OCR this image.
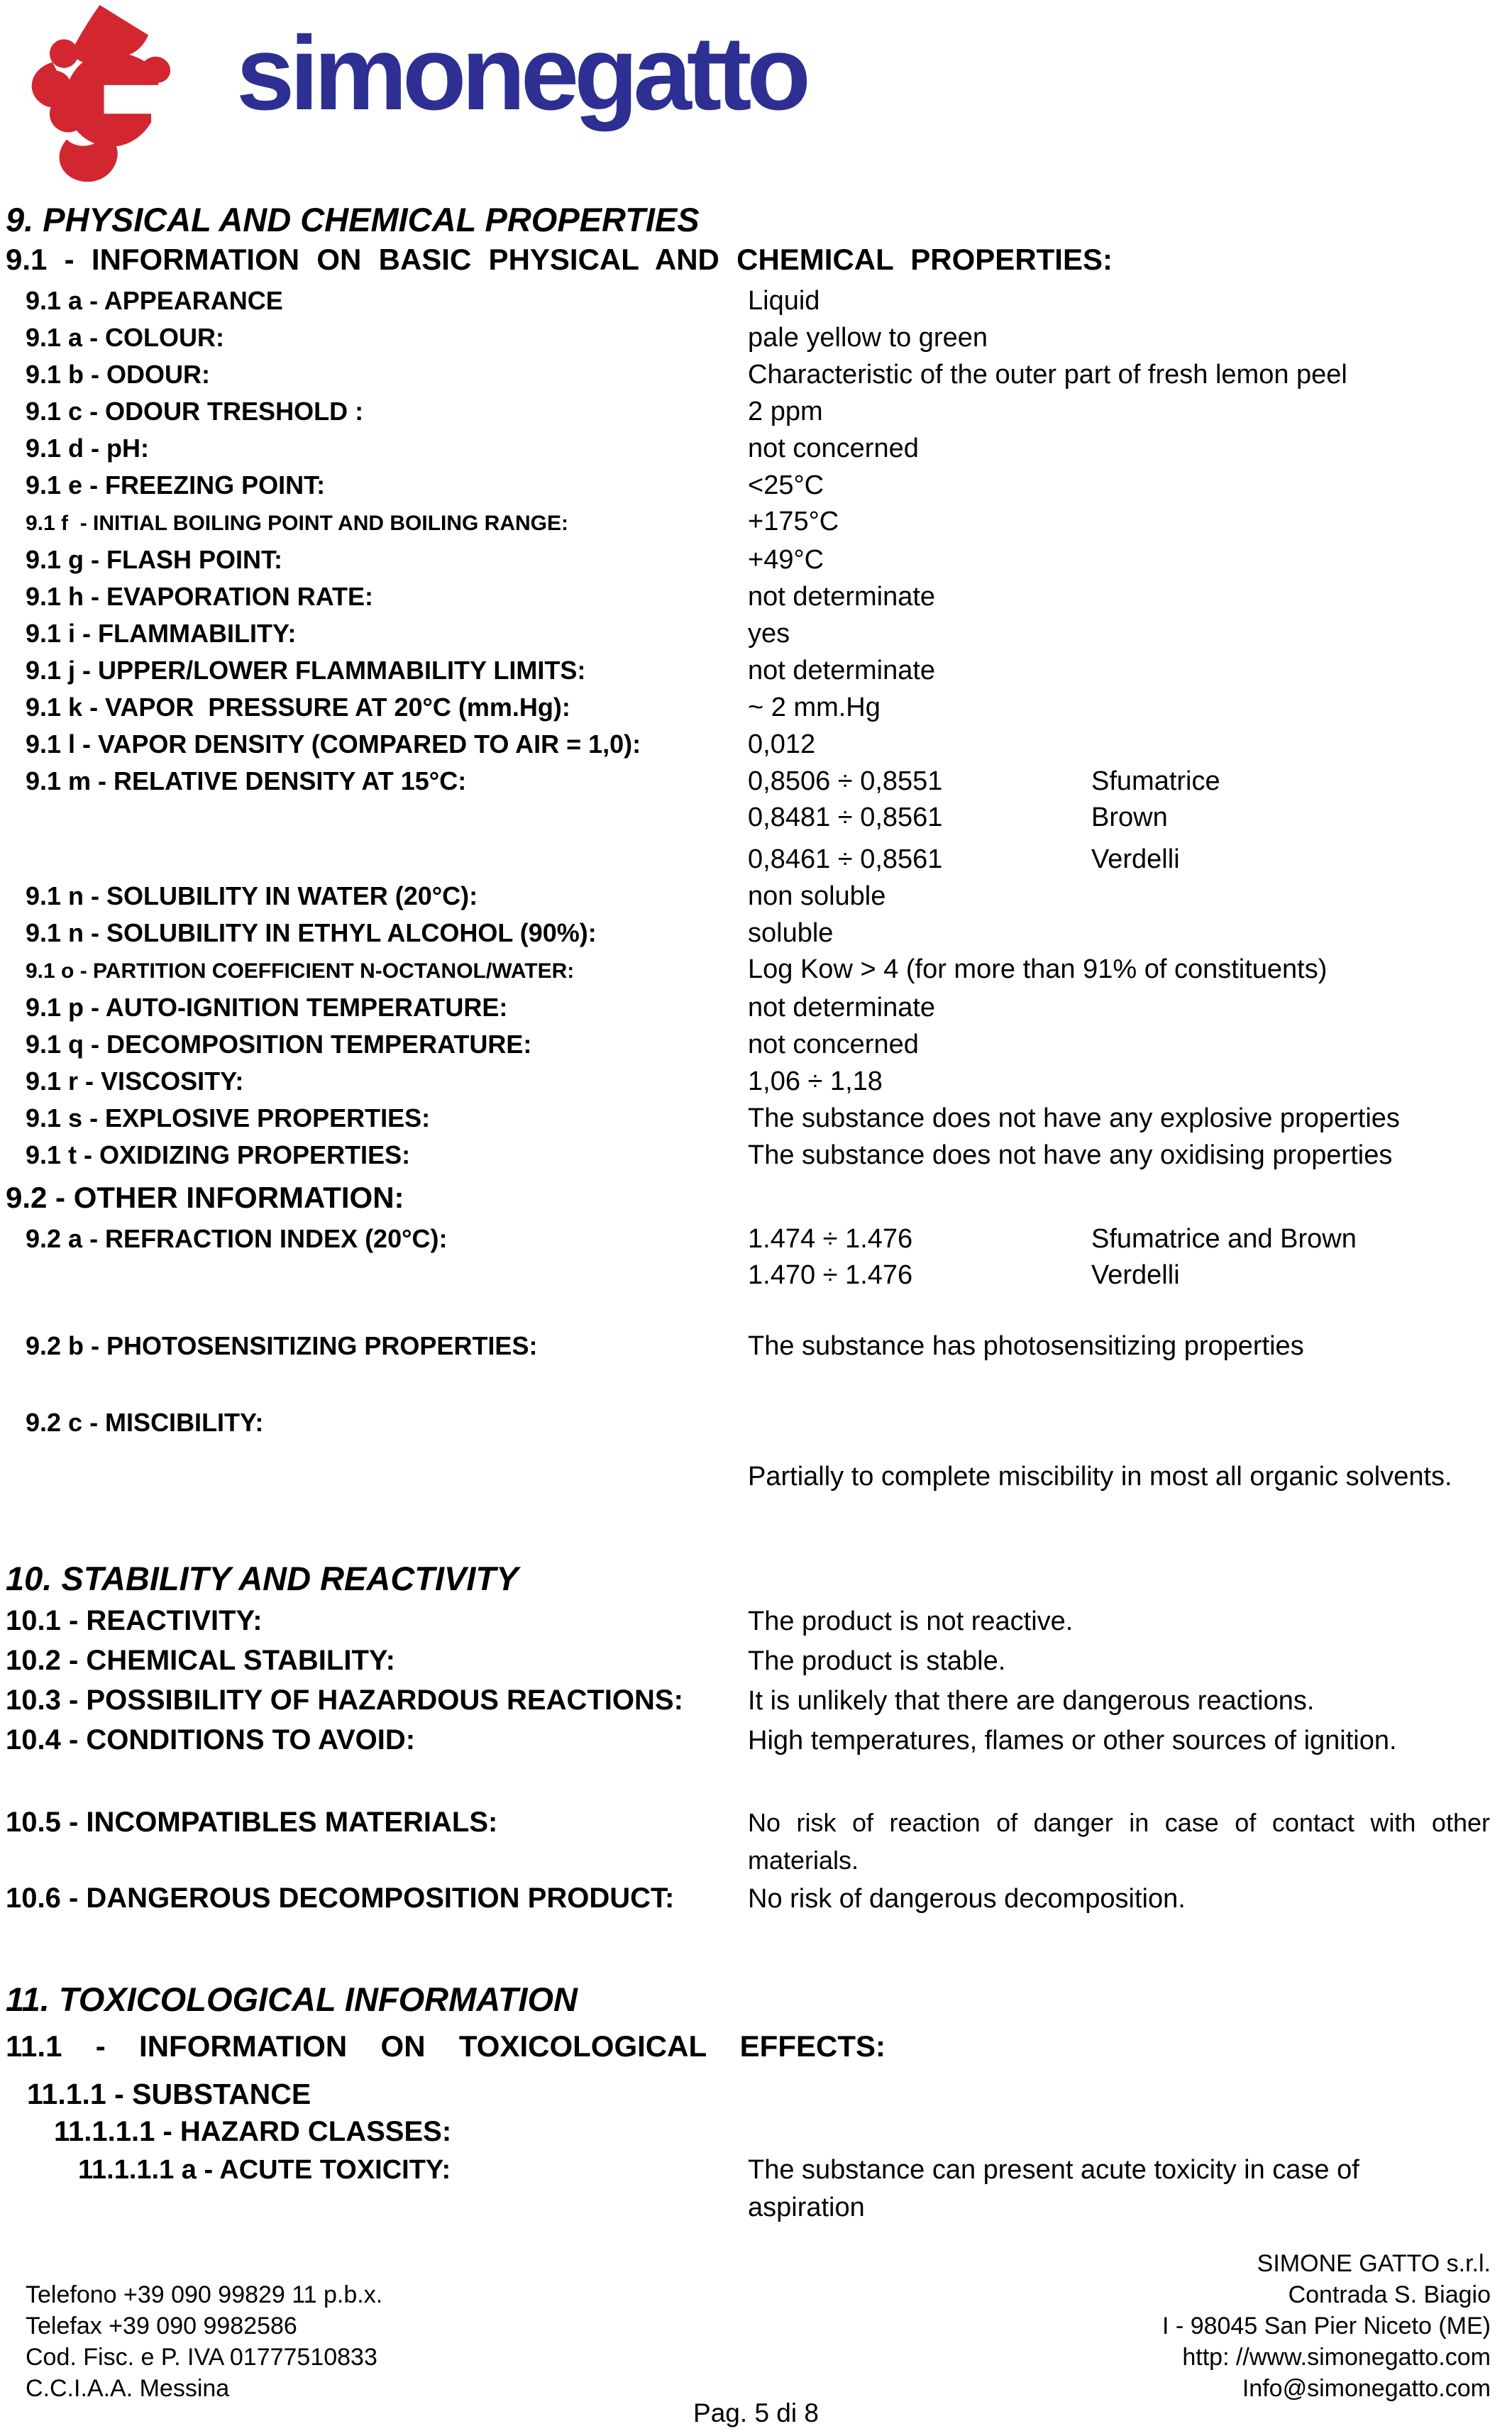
simonegatto
9. PHYSICAL AND CHEMICAL PROPERTIES
9.1 - INFORMATION ON BASIC PHYSICAL AND CHEMICAL PROPERTIES:
9.1 a - APPEARANCE	Liquid
9.1 a - COLOUR:	pale yellow to green
9.1 b - ODOUR:	Characteristic of the outer part of fresh lemon peel
9.1 c - ODOUR TRESHOLD :	2 ppm
9.1 d - pH:	not concerned
9.1 e - FREEZING POINT:	<25°C
9.1 f  - INITIAL BOILING POINT AND BOILING RANGE:	+175°C
9.1 g - FLASH POINT:	+49°C
9.1 h - EVAPORATION RATE:	not determinate
9.1 i - FLAMMABILITY:	yes
9.1 j - UPPER/LOWER FLAMMABILITY LIMITS:	not determinate
9.1 k - VAPOR  PRESSURE AT 20°C (mm.Hg):	~ 2 mm.Hg
9.1 l - VAPOR DENSITY (COMPARED TO AIR = 1,0):	0,012
9.1 m - RELATIVE DENSITY AT 15°C:	0,8506 ÷ 0,8551	Sfumatrice
0,8481 ÷ 0,8561	Brown
0,8461 ÷ 0,8561	Verdelli
9.1 n - SOLUBILITY IN WATER (20°C):	non soluble
9.1 n - SOLUBILITY IN ETHYL ALCOHOL (90%):	soluble
9.1 o - PARTITION COEFFICIENT N-OCTANOL/WATER:	Log Kow > 4 (for more than 91% of constituents)
9.1 p - AUTO-IGNITION TEMPERATURE:	not determinate
9.1 q - DECOMPOSITION TEMPERATURE:	not concerned
9.1 r - VISCOSITY:	1,06 ÷ 1,18
9.1 s - EXPLOSIVE PROPERTIES:	The substance does not have any explosive properties
9.1 t - OXIDIZING PROPERTIES:	The substance does not have any oxidising properties
9.2 - OTHER INFORMATION:
9.2 a - REFRACTION INDEX (20°C):	1.474 ÷ 1.476	Sfumatrice and Brown
1.470 ÷ 1.476	Verdelli
9.2 b - PHOTOSENSITIZING PROPERTIES:	The substance has photosensitizing properties
9.2 c - MISCIBILITY:
Partially to complete miscibility in most all organic solvents.
10. STABILITY AND REACTIVITY
10.1 - REACTIVITY:	The product is not reactive.
10.2 - CHEMICAL STABILITY:	The product is stable.
10.3 - POSSIBILITY OF HAZARDOUS REACTIONS:	It is unlikely that there are dangerous reactions.
10.4 - CONDITIONS TO AVOID:	High temperatures, flames or other sources of ignition.
10.5 - INCOMPATIBLES MATERIALS:	No risk of reaction of danger in case of contact with other
materials.
10.6 - DANGEROUS DECOMPOSITION PRODUCT:	No risk of dangerous decomposition.
11. TOXICOLOGICAL INFORMATION
11.1 - INFORMATION ON TOXICOLOGICAL EFFECTS:
11.1.1 - SUBSTANCE
11.1.1.1 - HAZARD CLASSES:
11.1.1.1 a - ACUTE TOXICITY:	The substance can present acute toxicity in case of
aspiration
Telefono +39 090 99829 11 p.b.x.
Telefax +39 090 9982586
Cod. Fisc. e P. IVA 01777510833
C.C.I.A.A. Messina
SIMONE GATTO s.r.l.
Contrada S. Biagio
I - 98045 San Pier Niceto (ME)
http: //www.simonegatto.com
Info@simonegatto.com
Pag. 5 di 8
